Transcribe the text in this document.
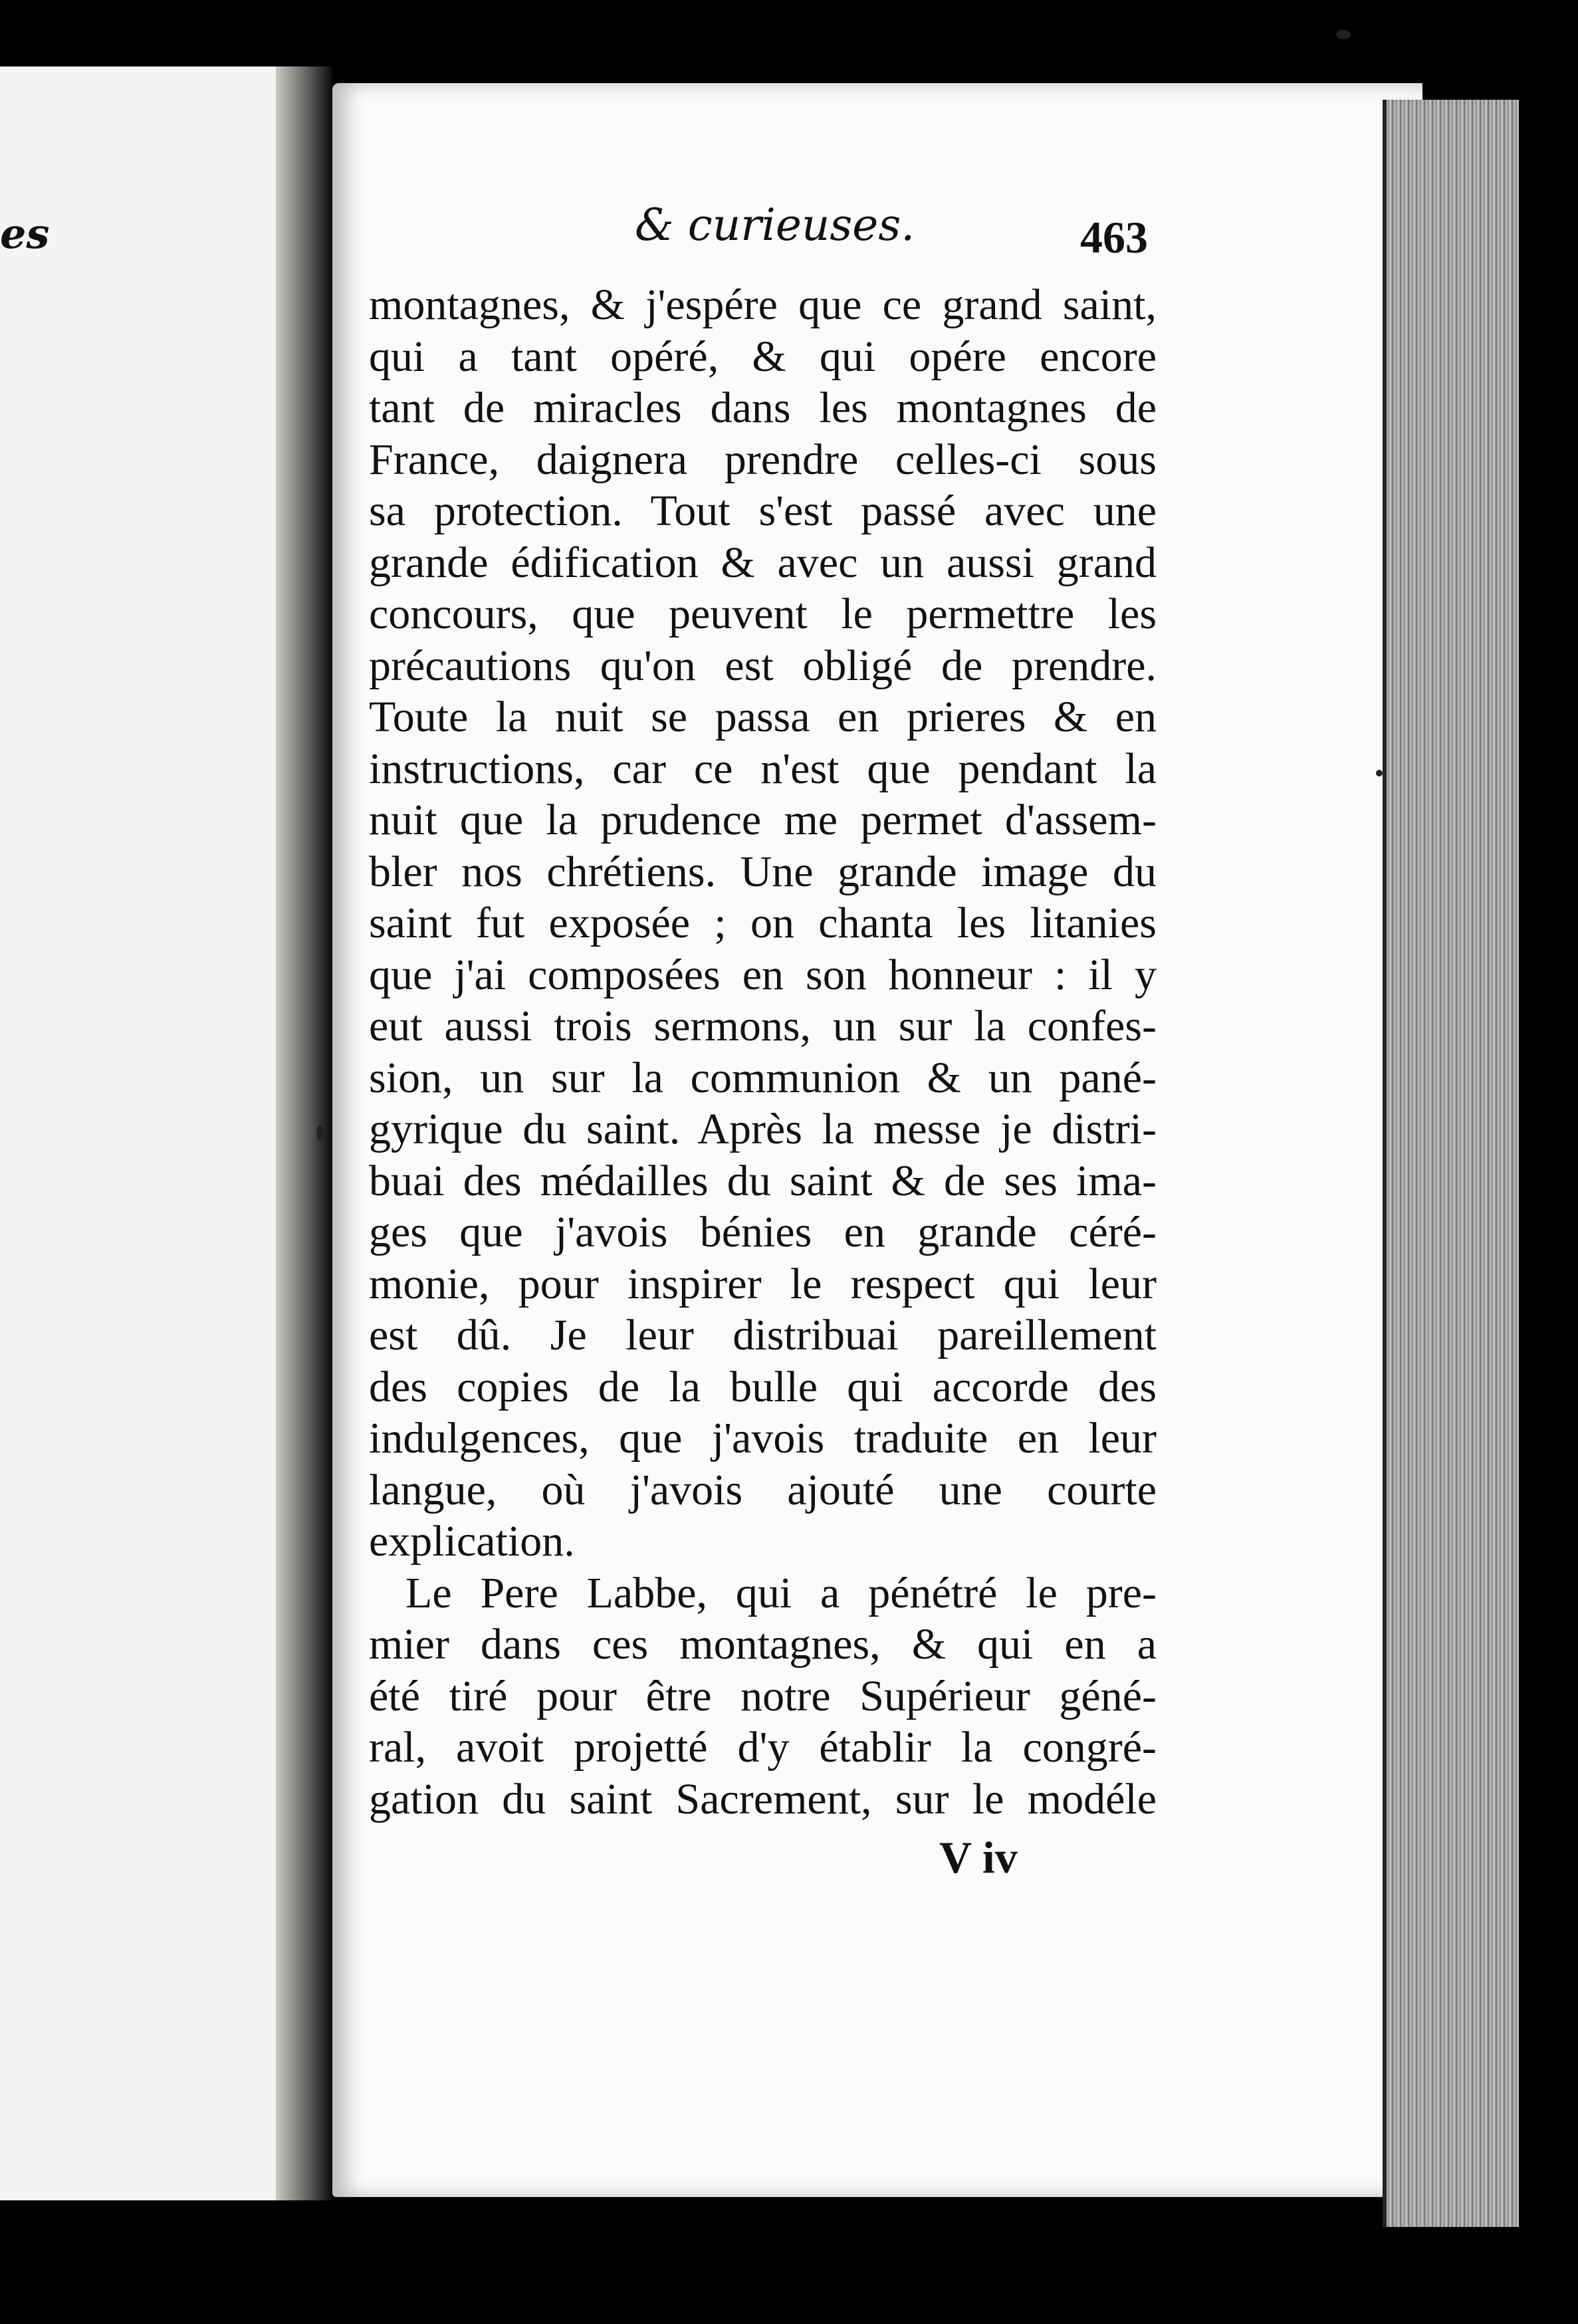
es	& curieuses.	463
montagnes, & j'espére que ce grand saint,
qui a tant opéré, & qui opére encore
tant de miracles dans les montagnes de
France, daignera prendre celles-ci sous
sa protection. Tout s'est passé avec une
grande édification & avec un aussi grand
concours, que peuvent le permettre les
précautions qu'on est obligé de prendre.
Toute la nuit se passa en prieres & en
instructions, car ce n'est que pendant la
nuit que la prudence me permet d'assem-
bler nos chrétiens. Une grande image du
saint fut exposée ; on chanta les litanies
que j'ai composées en son honneur : il y
eut aussi trois sermons, un sur la confes-
sion, un sur la communion & un pané-
gyrique du saint. Après la messe je distri-
buai des médailles du saint & de ses ima-
ges que j'avois bénies en grande céré-
monie, pour inspirer le respect qui leur
est dû. Je leur distribuai pareillement
des copies de la bulle qui accorde des
indulgences, que j'avois traduite en leur
langue, où j'avois ajouté une courte
explication.
Le Pere Labbe, qui a pénétré le pre-
mier dans ces montagnes, & qui en a
été tiré pour être notre Supérieur géné-
ral, avoit projetté d'y établir la congré-
gation du saint Sacrement, sur le modéle
V iv
